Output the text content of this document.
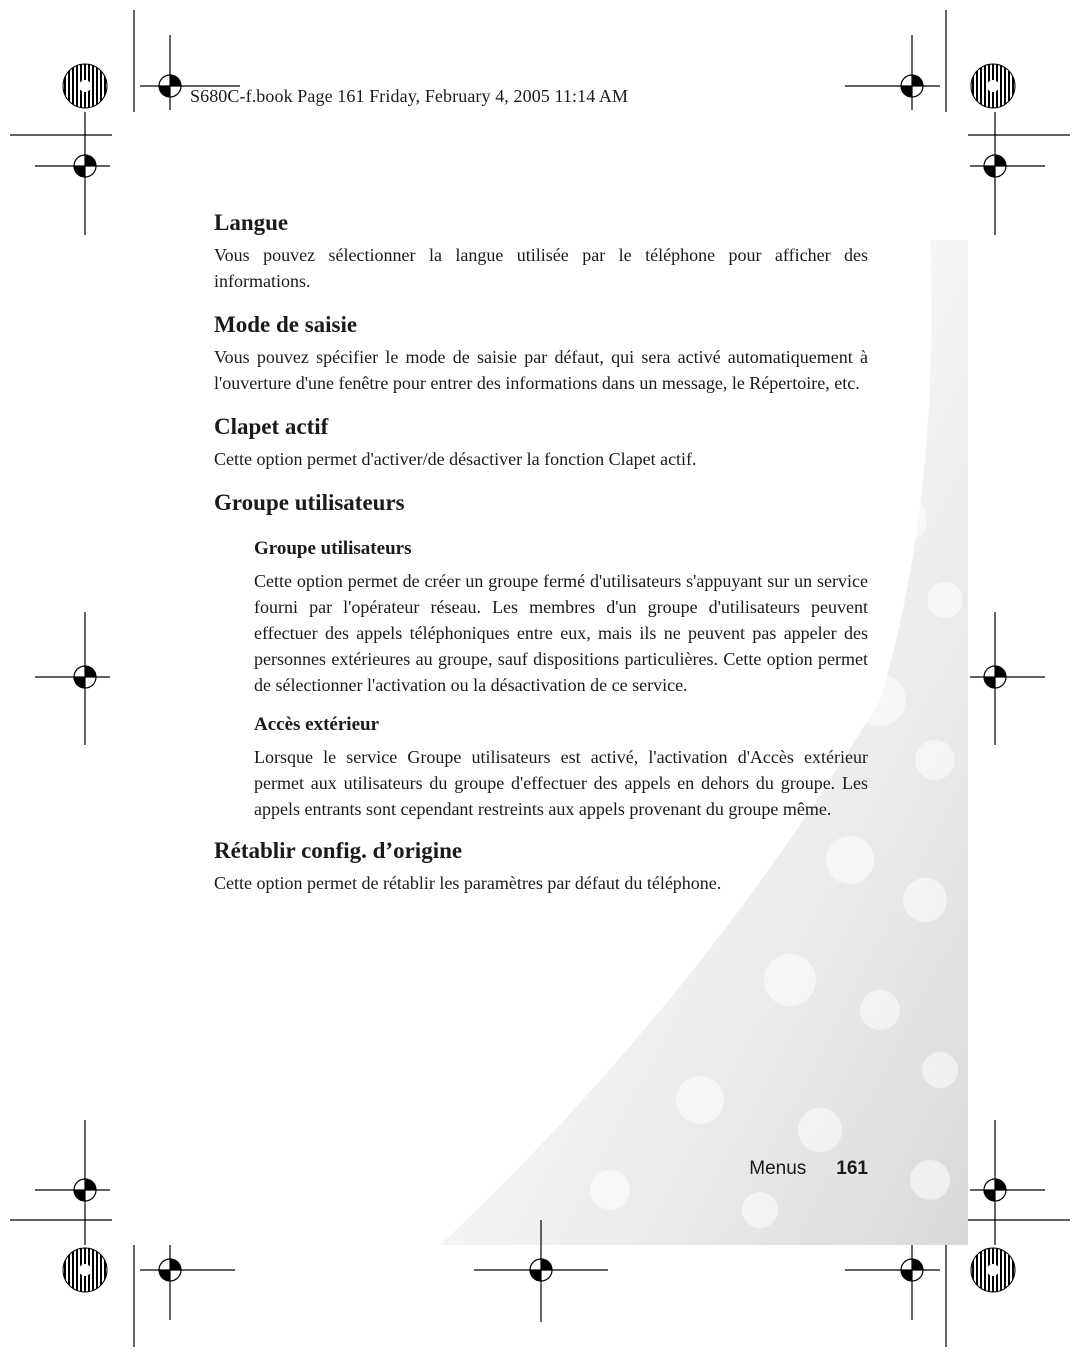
S680C-f.book Page 161 Friday, February 4, 2005 11:14 AM
Langue

Vous pouvez sélectionner la langue utilisée par le téléphone pour afficher des informations.

Mode de saisie

Vous pouvez spécifier le mode de saisie par défaut, qui sera activé automatiquement à l'ouverture d'une fenêtre pour entrer des informations dans un message, le Répertoire, etc.

Clapet actif

Cette option permet d'activer/de désactiver la fonction Clapet actif.

Groupe utilisateurs
Groupe utilisateurs

Cette option permet de créer un groupe fermé d'utilisateurs s'appuyant sur un service fourni par l'opérateur réseau. Les membres d'un groupe d'utilisateurs peuvent effectuer des appels téléphoniques entre eux, mais ils ne peuvent pas appeler des personnes extérieures au groupe, sauf dispositions particulières. Cette option permet de sélectionner l'activation ou la désactivation de ce service.

Accès extérieur

Lorsque le service Groupe utilisateurs est activé, l'activation d'Accès extérieur permet aux utilisateurs du groupe d'effectuer des appels en dehors du groupe. Les appels entrants sont cependant restreints aux appels provenant du groupe même.

Rétablir config. d’origine

Cette option permet de rétablir les paramètres par défaut du téléphone.

Menus 161
